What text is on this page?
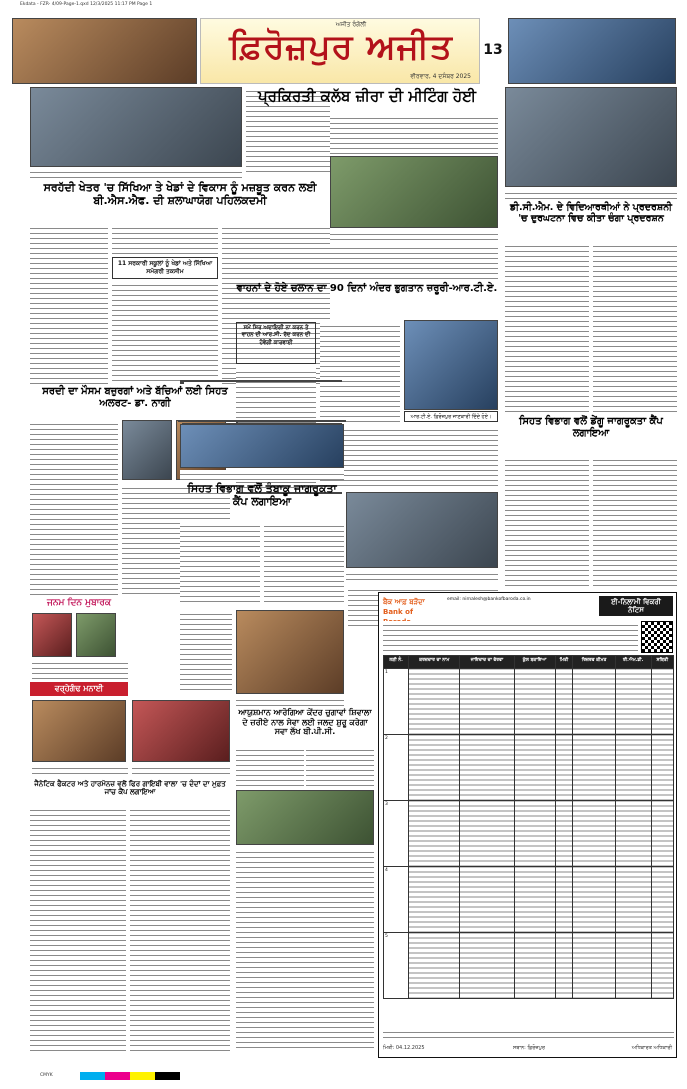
Ekdata - FZR- 4/09-Page-1.qxd 12/3/2025 11:17 PM Page 1
ਅਜੀਤ ਰੰਗੋਲੀ
ਫ਼ਿਰੋਜ਼ਪੁਰ ਅਜੀਤ
ਵੀਰਵਾਰ, 4 ਦਸੰਬਰ 2025
13
ਸਰਹੱਦੀ ਖੇਤਰ 'ਚ ਸਿੱਖਿਆ ਤੇ ਖੇਡਾਂ ਦੇ ਵਿਕਾਸ ਨੂੰ ਮਜ਼ਬੂਤ ਕਰਨ ਲਈ ਬੀ.ਐਸ.ਐਫ. ਦੀ ਸ਼ਲਾਘਾਯੋਗ ਪਹਿਲਕਦਮੀ
11 ਸਰਕਾਰੀ ਸਕੂਲਾਂ ਨੂੰ ਖੇਡਾਂ ਅਤੇ ਸਿੱਖਿਆ ਸਮੱਗਰੀ ਤਕਸੀਮ
ਸਰਦੀ ਦਾ ਮੌਸਮ ਬਜ਼ੁਰਗਾਂ ਅਤੇ ਬੱਚਿਆਂ ਲਈ ਸਿਹਤ ਅਲਰਟ- ਡਾ. ਨਾਗੀ
ਜਨਮ ਦਿਨ ਮੁਬਾਰਕ
ਵਰ੍ਹੇਗੰਢ ਮਨਾਈ
ਜੈਨੇਟਿਕ ਫੈਕਟਰ ਅਤੇ ਹਾਰਮੋਨਜ਼ ਵਲੋਂ ਫਿਰ ਗਾਇਬੀ ਵਾਲਾ 'ਚ ਦੰਦਾਂ ਦਾ ਮੁਫ਼ਤ ਜਾਂਚ ਕੈਂਪ ਲਗਾਇਆ
ਪ੍ਰਕਿਰਤੀ ਕਲੱਬ ਜ਼ੀਰਾ ਦੀ ਮੀਟਿੰਗ ਹੋਈ
ਵਾਹਨਾਂ ਦੇ ਹੋਏ ਚਲਾਨ ਦਾ 90 ਦਿਨਾਂ ਅੰਦਰ ਭੁਗਤਾਨ ਜ਼ਰੂਰੀ-ਆਰ.ਟੀ.ਏ.
ਸਮੇਂ ਸਿਰ ਅਦਾਇਗੀ ਨਾ ਕਰਨ ਤੇ ਵਾਹਨ ਦੀ ਆਰ.ਸੀ. ਰੱਦ ਕਰਨ ਦੀ ਹੋਵੇਗੀ ਕਾਰਵਾਈ
ਆਰ.ਟੀ.ਏ. ਫ਼ਿਰੋਜ਼ਪੁਰ ਜਾਣਕਾਰੀ ਦਿੰਦੇ ਹੋਏ।
ਸਿਹਤ ਵਿਭਾਗ ਵਲੋਂ ਤੰਬਾਕੂ ਜਾਗਰੂਕਤਾ ਕੈਂਪ ਲਗਾਇਆ
ਆਯੁਸ਼ਮਾਨ ਆਰੋਗਿਆ ਕੇਂਦਰ ਚੁਗਾਵਾਂ ਸ਼ਿਵਾਲਾ ਦੇ ਜ਼ਰੀਏ ਨਾਲ ਸੇਵਾ ਲਈ ਜਲਦ ਸ਼ੁਰੂ ਕਰੇਗਾ ਸਵਾ ਲੱਖ ਬੀ.ਪੀ.ਸੀ.
ਡੀ.ਸੀ.ਐਮ. ਦੇ ਵਿਦਿਆਰਥੀਆਂ ਨੇ ਪ੍ਰਦਰਸ਼ਨੀ 'ਚ ਦੁਰਘਟਨਾ ਵਿਚ ਕੀਤਾ ਚੰਗਾ ਪ੍ਰਦਰਸ਼ਨ
ਸਿਹਤ ਵਿਭਾਗ ਵਲੋਂ ਡੇਂਗੂ ਜਾਗਰੂਕਤਾ ਕੈਂਪ ਲਗਾਇਆ
ਬੈਂਕ ਆਫ਼ ਬੜੌਦਾ
Bank of
email: nirnalesh@bankofbaroda.co.in	ਈ-ਨਿਲਾਮੀ ਵਿਕਰੀ ਨੋਟਿਸ
ਲੜੀ ਨੰ.	ਕਰਜ਼ਦਾਰ ਦਾ ਨਾਮ	ਜਾਇਦਾਦ ਦਾ ਵੇਰਵਾ	ਕੁੱਲ ਬਕਾਇਆ	ਮਿਤੀ	ਰਿਜ਼ਰਵ ਕੀਮਤ	ਈ.ਐਮ.ਡੀ.	ਸਥਿਤੀ
1							
2							
3							
4							
5							
ਮਿਤੀ: 04.12.2025	ਸਥਾਨ: ਫ਼ਿਰੋਜ਼ਪੁਰ	ਅਧਿਕਾਰਤ ਅਧਿਕਾਰੀ
CMYK
